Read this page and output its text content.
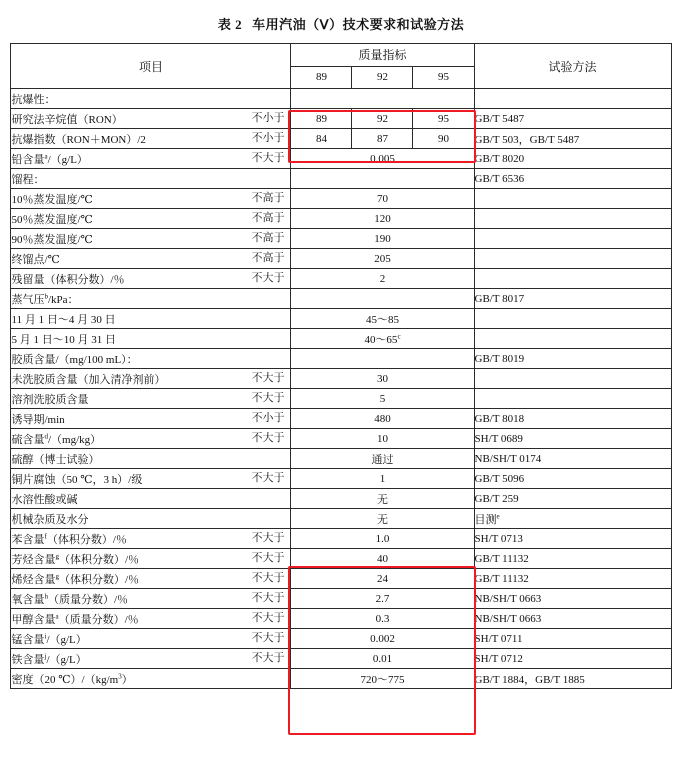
表 2 车用汽油（Ⅴ）技术要求和试验方法
项目	质量指标			试验方法
	89	92	95	
抗爆性：				
研究法辛烷值（RON） 不小于	89	92	95	GB/T 5487
抗爆指数（RON＋MON）/2 不小于	84	87	90	GB/T 503，GB/T 5487
铅含量$^a$/（g/L） 不大于	0.005			GB/T 8020
馏程：				GB/T 6536
10％蒸发温度/℃ 不高于	70			
50％蒸发温度/℃ 不高于	120			
90％蒸发温度/℃ 不高于	190			
终馏点/℃ 不高于	205			
残留量（体积分数）/％ 不大于	2			
蒸气压$^b$/kPa：				GB/T 8017
11 月 1 日～4 月 30 日	45～85			
5 月 1 日～10 月 31 日	40～65$^c$	
胶质含量/（mg/100 mL）：				GB/T 8019
未洗胶质含量（加入清净剂前） 不大于	30			
溶剂洗胶质含量 不大于	5			
诱导期/min 不小于	480			GB/T 8018
硫含量$^d$/（mg/kg） 不大于	10			SH/T 0689
硫醇（博士试验）	通过			NB/SH/T 0174
铜片腐蚀（50 ℃，3 h）/级 不大于	1			GB/T 5096
水溶性酸或碱	无			GB/T 259
机械杂质及水分	无			目测$^e$
苯含量$^f$（体积分数）/％ 不大于	1.0			SH/T 0713
芳烃含量$^g$（体积分数）/％ 不大于	40			GB/T 11132
烯烃含量$^g$（体积分数）/％ 不大于	24			GB/T 11132
氧含量$^h$（质量分数）/％ 不大于	2.7			NB/SH/T 0663
甲醇含量$^a$（质量分数）/％ 不大于	0.3			NB/SH/T 0663
锰含量$^i$/（g/L） 不大于	0.002			SH/T 0711
铁含量$^j$/（g/L） 不大于	0.01			SH/T 0712
密度（20 $℃)/(kg/m^3)$	720～775			GB/T 1884，GB/T 1885
